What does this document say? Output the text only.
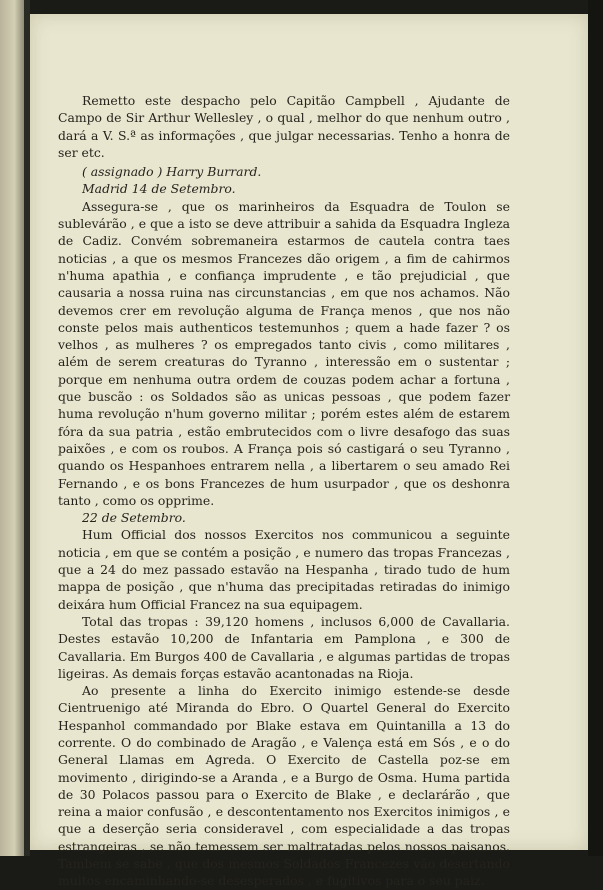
Remetto este despacho pelo Capitão Campbell , Ajudante de Campo de Sir Arthur Wellesley , o qual , melhor do que nenhum outro , dará a V. S.ª as informações , que julgar necessarias. Tenho a honra de ser etc.

( assignado ) Harry Burrard.

Madrid 14 de Setembro.

Assegura-se , que os marinheiros da Esquadra de Toulon se sublevárão , e que a isto se deve attribuir a sahida da Esquadra Ingleza de Cadiz. Convém sobremaneira estarmos de cautela contra taes noticias , a que os mesmos Francezes dão origem , a fim de cahirmos n'huma apathia , e confiança imprudente , e tão prejudicial , que causaria a nossa ruina nas circunstancias , em que nos achamos. Não devemos crer em revolução alguma de França menos , que nos não conste pelos mais authenticos testemunhos ; quem a hade fazer ? os velhos , as mulheres ? os empregados tanto civis , como militares , além de serem creaturas do Tyranno , interessão em o sustentar ; porque em nenhuma outra ordem de couzas podem achar a fortuna , que buscão : os Soldados são as unicas pessoas , que podem fazer huma revolução n'hum governo militar ; porém estes além de estarem fóra da sua patria , estão embrutecidos com o livre desafogo das suas paixões , e com os roubos. A França pois só castigará o seu Tyranno , quando os Hespanhoes entrarem nella , a libertarem o seu amado Rei Fernando , e os bons Francezes de hum usurpador , que os deshonra tanto , como os opprime.

22 de Setembro.

Hum Official dos nossos Exercitos nos communicou a seguinte noticia , em que se contém a posição , e numero das tropas Francezas , que a 24 do mez passado estavão na Hespanha , tirado tudo de hum mappa de posição , que n'huma das precipitadas retiradas do inimigo deixára hum Official Francez na sua equipagem.

Total das tropas : 39,120 homens , inclusos 6,000 de Cavallaria. Destes estavão 10,200 de Infantaria em Pamplona , e 300 de Cavallaria. Em Burgos 400 de Cavallaria , e algumas partidas de tropas ligeiras. As demais forças estavão acantonadas na Rioja.

Ao presente a linha do Exercito inimigo estende-se desde Cientruenigo até Miranda do Ebro. O Quartel General do Exercito Hespanhol commandado por Blake estava em Quintanilla a 13 do corrente. O do combinado de Aragão , e Valença está em Sós , e o do General Llamas em Agreda. O Exercito de Castella poz-se em movimento , dirigindo-se a Aranda , e a Burgo de Osma. Huma partida de 30 Polacos passou para o Exercito de Blake , e declarárão , que reina a maior confusão , e descontentamento nos Exercitos inimigos , e que a deserção seria consideravel , com especialidade a das tropas estrangeiras , se não temessem ser maltratadas pelos nossos paisanos. Tambem se sabe , que dos mesmos Soldados Francezes vão desertando muitos encaminhando-se desesperados , e fugitivos para o seu paiz.
